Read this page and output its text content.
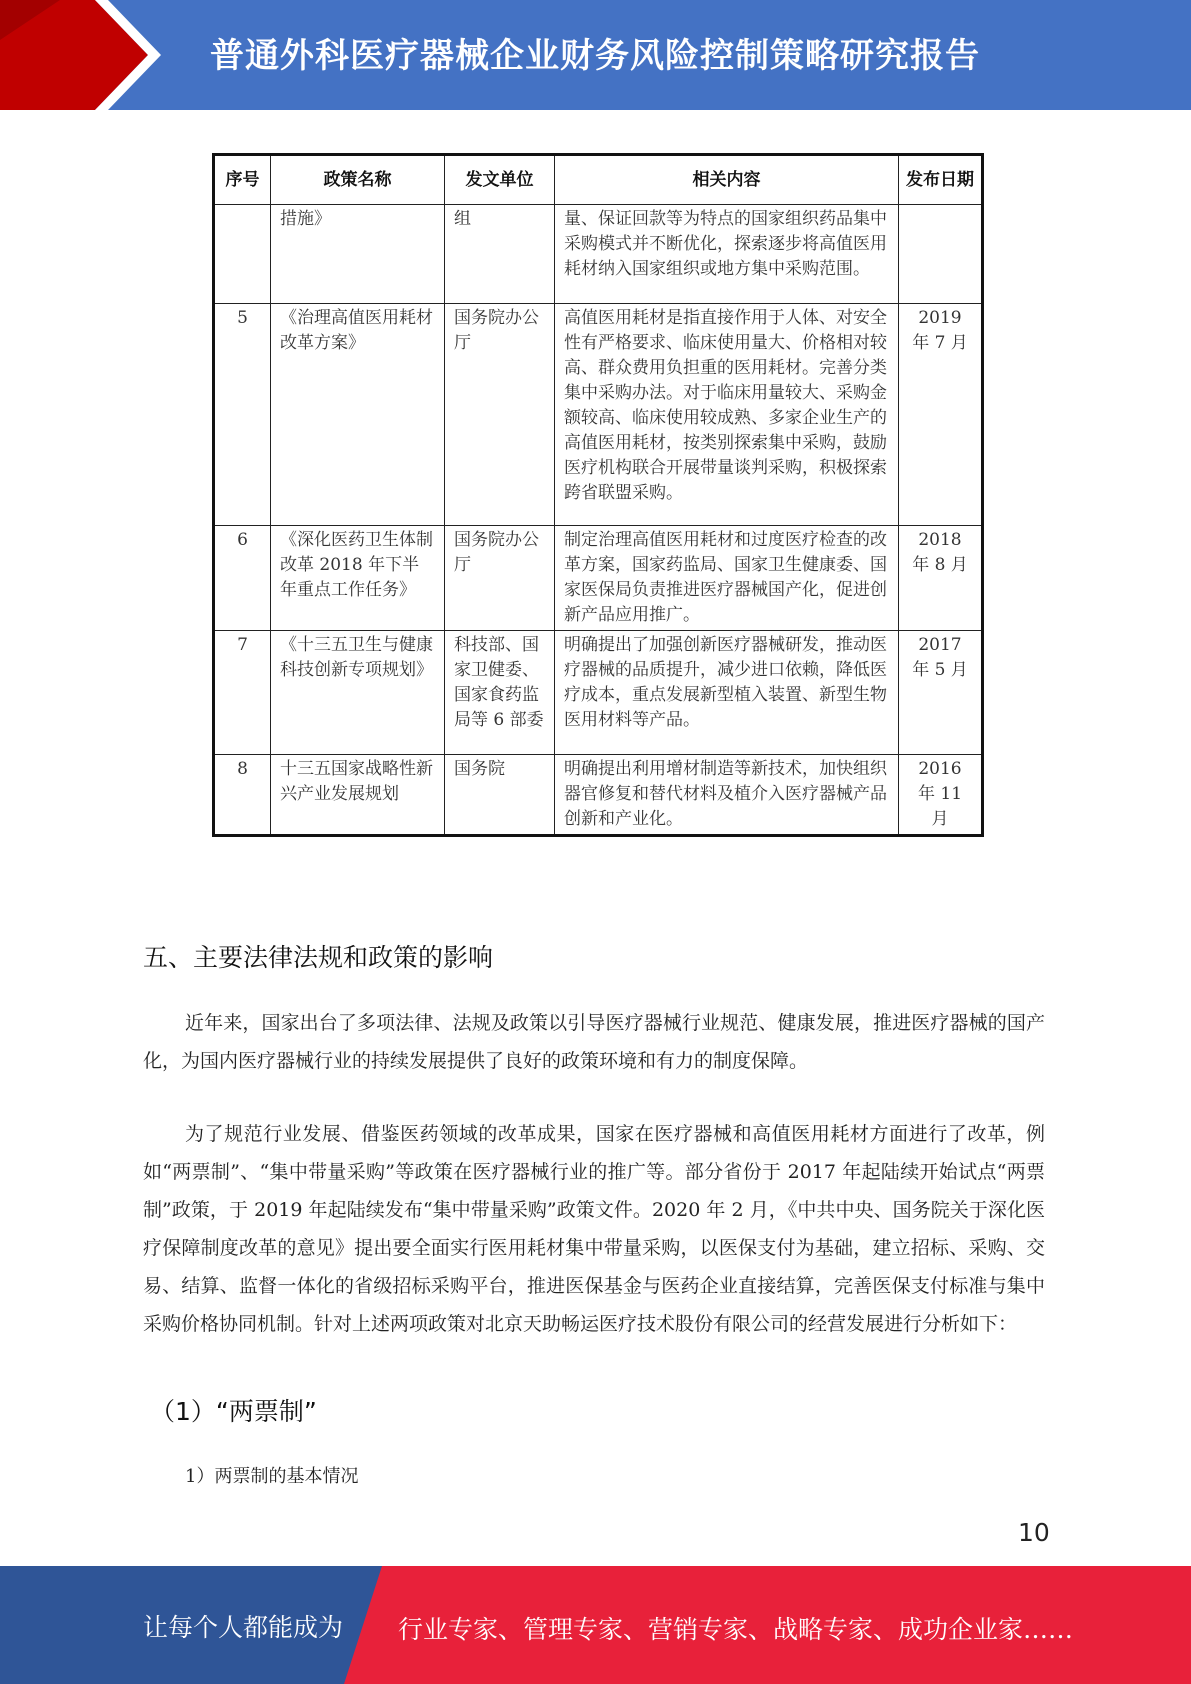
普通外科医疗器械企业财务风险控制策略研究报告
序号	政策名称	发文单位	相关内容	发布日期
	措施》	组	量、保证回款等为特点的国家组织药品集中采购模式并不断优化，探索逐步将高值医用耗材纳入国家组织或地方集中采购范围。	
5	《治理高值医用耗材改革方案》	国务院办公厅	高值医用耗材是指直接作用于人体、对安全性有严格要求、临床使用量大、价格相对较高、群众费用负担重的医用耗材。完善分类集中采购办法。对于临床用量较大、采购金额较高、临床使用较成熟、多家企业生产的高值医用耗材，按类别探索集中采购，鼓励医疗机构联合开展带量谈判采购，积极探索跨省联盟采购。	2019 年 7 月
6	《深化医药卫生体制改革 2018 年下半年重点工作任务》	国务院办公厅	制定治理高值医用耗材和过度医疗检查的改革方案，国家药监局、国家卫生健康委、国家医保局负责推进医疗器械国产化，促进创新产品应用推广。	2018 年 8 月
7	《十三五卫生与健康科技创新专项规划》	科技部、国家卫健委、国家食药监局等 6 部委	明确提出了加强创新医疗器械研发，推动医疗器械的品质提升，减少进口依赖，降低医疗成本，重点发展新型植入装置、新型生物医用材料等产品。	2017 年 5 月
8	十三五国家战略性新兴产业发展规划	国务院	明确提出利用增材制造等新技术，加快组织器官修复和替代材料及植介入医疗器械产品创新和产业化。	2016 年 11 月
五、主要法律法规和政策的影响

近年来，国家出台了多项法律、法规及政策以引导医疗器械行业规范、健康发展，推进医疗器械的国产化，为国内医疗器械行业的持续发展提供了良好的政策环境和有力的制度保障。

为了规范行业发展、借鉴医药领域的改革成果，国家在医疗器械和高值医用耗材方面进行了改革，例如“两票制”、“集中带量采购”等政策在医疗器械行业的推广等。部分省份于 2017 年起陆续开始试点“两票制”政策，于 2019 年起陆续发布“集中带量采购”政策文件。2020 年 2 月，《中共中央、国务院关于深化医疗保障制度改革的意见》提出要全面实行医用耗材集中带量采购，以医保支付为基础，建立招标、采购、交易、结算、监督一体化的省级招标采购平台，推进医保基金与医药企业直接结算，完善医保支付标准与集中采购价格协同机制。针对上述两项政策对北京天助畅运医疗技术股份有限公司的经营发展进行分析如下：

（1）“两票制”
1）两票制的基本情况
10
让每个人都能成为 行业专家、管理专家、营销专家、战略专家、成功企业家……
